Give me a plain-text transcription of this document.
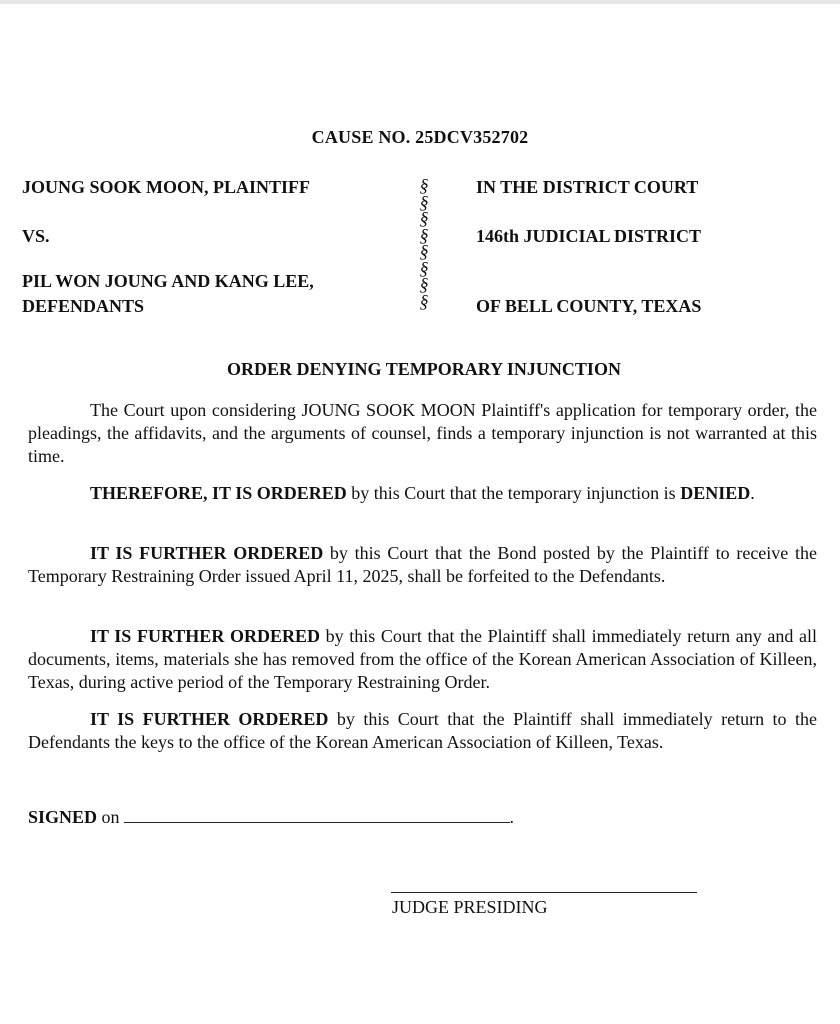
CAUSE NO. 25DCV352702
JOUNG SOOK MOON, PLAINTIFF
VS.
PIL WON JOUNG AND KANG LEE,
DEFENDANTS
§
§
§
§
§
§
§
§
IN THE DISTRICT COURT
146th JUDICIAL DISTRICT
OF BELL COUNTY, TEXAS
ORDER DENYING TEMPORARY INJUNCTION
The Court upon considering JOUNG SOOK MOON Plaintiff's application for temporary order, the pleadings, the affidavits, and the arguments of counsel, finds a temporary injunction is not warranted at this time.
THEREFORE, IT IS ORDERED by this Court that the temporary injunction is DENIED.
IT IS FURTHER ORDERED by this Court that the Bond posted by the Plaintiff to receive the Temporary Restraining Order issued April 11, 2025, shall be forfeited to the Defendants.
IT IS FURTHER ORDERED by this Court that the Plaintiff shall immediately return any and all documents, items, materials she has removed from the office of the Korean American Association of Killeen, Texas, during active period of the Temporary Restraining Order.
IT IS FURTHER ORDERED by this Court that the Plaintiff shall immediately return to the Defendants the keys to the office of the Korean American Association of Killeen, Texas.
SIGNED on	.
JUDGE PRESIDING
